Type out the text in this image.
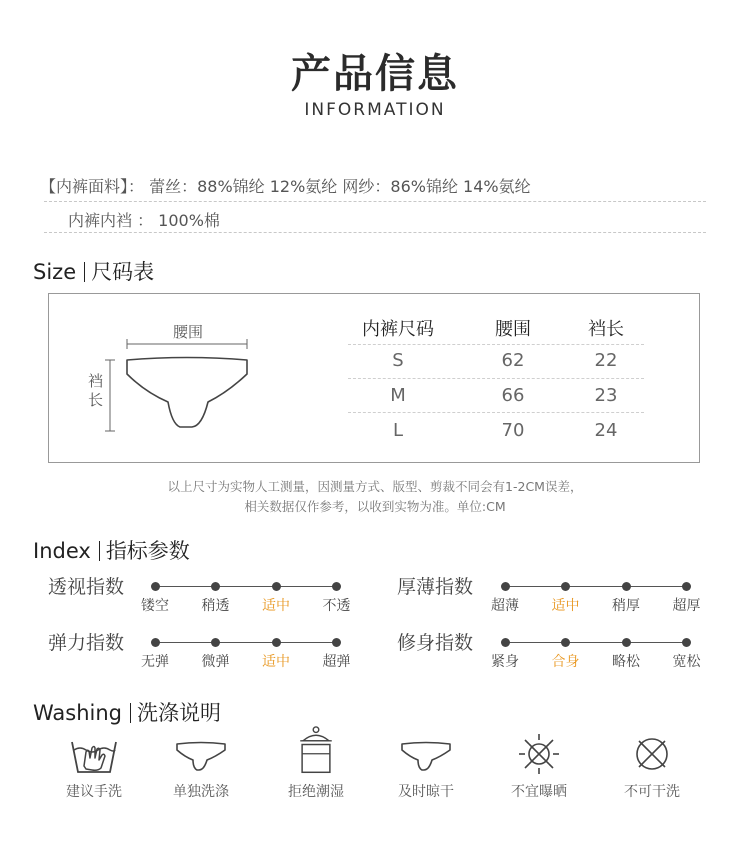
产品信息
INFORMATION
【内裤面料】： 蕾丝：88%锦纶 12%氨纶 网纱：86%锦纶 14%氨纶
内裤内裆 ： 100%棉
Size 尺码表
腰围
裆长
内裤尺码	腰围	裆长
S	62	22
M	66	23
L	70	24
以上尺寸为实物人工测量，因测量方式、版型、剪裁不同会有1-2CM误差，
相关数据仅作参考，以收到实物为准。单位:CM
Index 指标参数
透视指数
镂空	稍透	适中	不透
厚薄指数
超薄	适中	稍厚	超厚
弹力指数
无弹	微弹	适中	超弹
修身指数
紧身	合身	略松	宽松
Washing 洗涤说明
建议手洗	单独洗涤	拒绝潮湿	及时晾干	不宜曝晒	不可干洗
